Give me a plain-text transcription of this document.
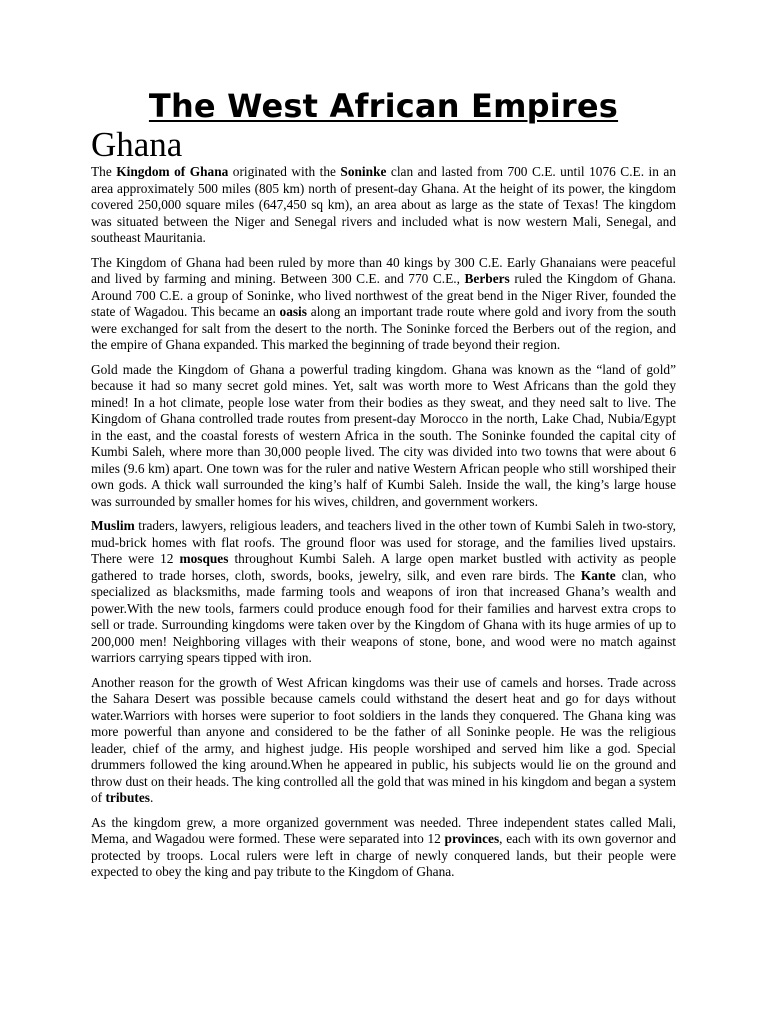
The West African Empires
Ghana

The Kingdom of Ghana originated with the Soninke clan and lasted from 700 C.E. until 1076 C.E. in an area approximately 500 miles (805 km) north of present-day Ghana. At the height of its power, the kingdom covered 250,000 square miles (647,450 sq km), an area about as large as the state of Texas! The kingdom was situated between the Niger and Senegal rivers and included what is now western Mali, Senegal, and southeast Mauritania.

The Kingdom of Ghana had been ruled by more than 40 kings by 300 C.E. Early Ghanaians were peaceful and lived by farming and mining. Between 300 C.E. and 770 C.E., Berbers ruled the Kingdom of Ghana. Around 700 C.E. a group of Soninke, who lived northwest of the great bend in the Niger River, founded the state of Wagadou. This became an oasis along an important trade route where gold and ivory from the south were exchanged for salt from the desert to the north. The Soninke forced the Berbers out of the region, and the empire of Ghana expanded. This marked the beginning of trade beyond their region.

Gold made the Kingdom of Ghana a powerful trading kingdom. Ghana was known as the “land of gold” because it had so many secret gold mines. Yet, salt was worth more to West Africans than the gold they mined! In a hot climate, people lose water from their bodies as they sweat, and they need salt to live. The Kingdom of Ghana controlled trade routes from present-day Morocco in the north, Lake Chad, Nubia/Egypt in the east, and the coastal forests of western Africa in the south. The Soninke founded the capital city of Kumbi Saleh, where more than 30,000 people lived. The city was divided into two towns that were about 6 miles (9.6 km) apart. One town was for the ruler and native Western African people who still worshiped their own gods. A thick wall surrounded the king’s half of Kumbi Saleh. Inside the wall, the king’s large house was surrounded by smaller homes for his wives, children, and government workers.

Muslim traders, lawyers, religious leaders, and teachers lived in the other town of Kumbi Saleh in two-story, mud-brick homes with flat roofs. The ground floor was used for storage, and the families lived upstairs. There were 12 mosques throughout Kumbi Saleh. A large open market bustled with activity as people gathered to trade horses, cloth, swords, books, jewelry, silk, and even rare birds. The Kante clan, who specialized as blacksmiths, made farming tools and weapons of iron that increased Ghana’s wealth and power.With the new tools, farmers could produce enough food for their families and harvest extra crops to sell or trade. Surrounding kingdoms were taken over by the Kingdom of Ghana with its huge armies of up to 200,000 men! Neighboring villages with their weapons of stone, bone, and wood were no match against warriors carrying spears tipped with iron.

Another reason for the growth of West African kingdoms was their use of camels and horses. Trade across the Sahara Desert was possible because camels could withstand the desert heat and go for days without water.Warriors with horses were superior to foot soldiers in the lands they conquered. The Ghana king was more powerful than anyone and considered to be the father of all Soninke people. He was the religious leader, chief of the army, and highest judge. His people worshiped and served him like a god. Special drummers followed the king around.When he appeared in public, his subjects would lie on the ground and throw dust on their heads. The king controlled all the gold that was mined in his kingdom and began a system of tributes.

As the kingdom grew, a more organized government was needed. Three independent states called Mali, Mema, and Wagadou were formed. These were separated into 12 provinces, each with its own governor and protected by troops. Local rulers were left in charge of newly conquered lands, but their people were expected to obey the king and pay tribute to the Kingdom of Ghana.
